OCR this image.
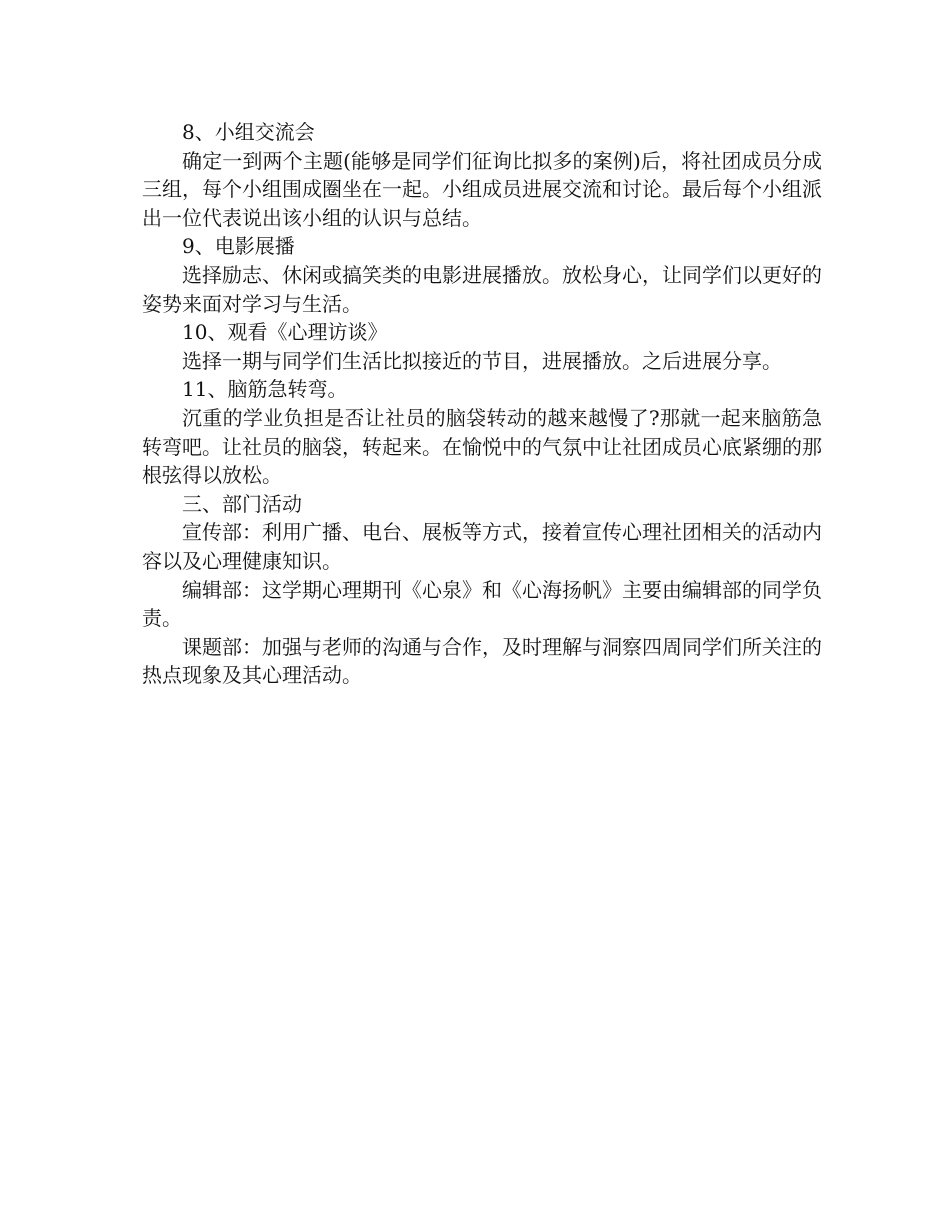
8、小组交流会

确定一到两个主题(能够是同学们征询比拟多的案例)后，将社团成员分成三组，每个小组围成圈坐在一起。小组成员进展交流和讨论。最后每个小组派出一位代表说出该小组的认识与总结。

9、电影展播

选择励志、休闲或搞笑类的电影进展播放。放松身心，让同学们以更好的姿势来面对学习与生活。

10、观看《心理访谈》

选择一期与同学们生活比拟接近的节目，进展播放。之后进展分享。

11、脑筋急转弯。

沉重的学业负担是否让社员的脑袋转动的越来越慢了?那就一起来脑筋急转弯吧。让社员的脑袋，转起来。在愉悦中的气氛中让社团成员心底紧绷的那根弦得以放松。

三、部门活动

宣传部：利用广播、电台、展板等方式，接着宣传心理社团相关的活动内容以及心理健康知识。

编辑部：这学期心理期刊《心泉》和《心海扬帆》主要由编辑部的同学负责。

课题部：加强与老师的沟通与合作，及时理解与洞察四周同学们所关注的热点现象及其心理活动。
